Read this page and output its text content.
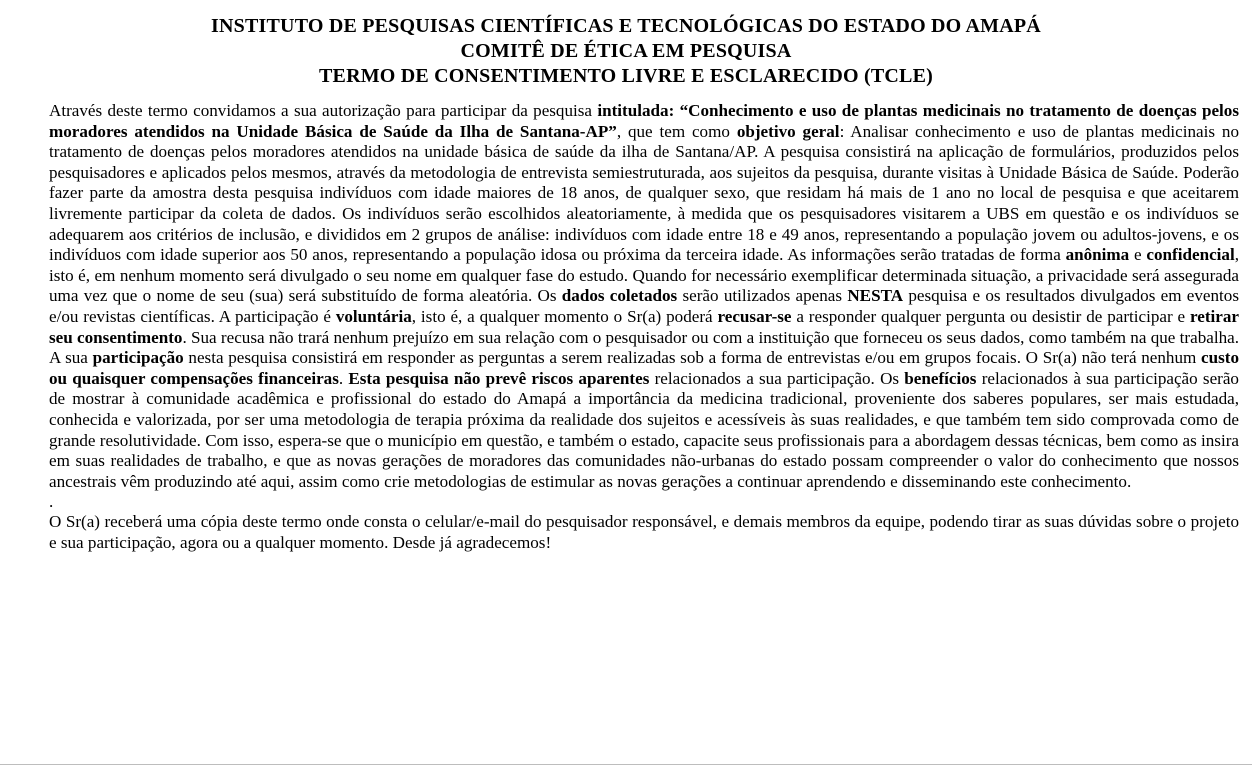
INSTITUTO DE PESQUISAS CIENTÍFICAS E TECNOLÓGICAS DO ESTADO DO AMAPÁ
COMITÊ DE ÉTICA EM PESQUISA
TERMO DE CONSENTIMENTO LIVRE E ESCLARECIDO (TCLE)

Através deste termo convidamos a sua autorização para participar da pesquisa intitulada: “Conhecimento e uso de plantas medicinais no tratamento de doenças pelos moradores atendidos na Unidade Básica de Saúde da Ilha de Santana-AP”, que tem como objetivo geral: Analisar conhecimento e uso de plantas medicinais no tratamento de doenças pelos moradores atendidos na unidade básica de saúde da ilha de Santana/AP. A pesquisa consistirá na aplicação de formulários, produzidos pelos pesquisadores e aplicados pelos mesmos, através da metodologia de entrevista semiestruturada, aos sujeitos da pesquisa, durante visitas à Unidade Básica de Saúde. Poderão fazer parte da amostra desta pesquisa indivíduos com idade maiores de 18 anos, de qualquer sexo, que residam há mais de 1 ano no local de pesquisa e que aceitarem livremente participar da coleta de dados. Os indivíduos serão escolhidos aleatoriamente, à medida que os pesquisadores visitarem a UBS em questão e os indivíduos se adequarem aos critérios de inclusão, e divididos em 2 grupos de análise: indivíduos com idade entre 18 e 49 anos, representando a população jovem ou adultos-jovens, e os indivíduos com idade superior aos 50 anos, representando a população idosa ou próxima da terceira idade. As informações serão tratadas de forma anônima e confidencial, isto é, em nenhum momento será divulgado o seu nome em qualquer fase do estudo. Quando for necessário exemplificar determinada situação, a privacidade será assegurada uma vez que o nome de seu (sua) será substituído de forma aleatória. Os dados coletados serão utilizados apenas NESTA pesquisa e os resultados divulgados em eventos e/ou revistas científicas. A participação é voluntária, isto é, a qualquer momento o Sr(a) poderá recusar-se a responder qualquer pergunta ou desistir de participar e retirar seu consentimento. Sua recusa não trará nenhum prejuízo em sua relação com o pesquisador ou com a instituição que forneceu os seus dados, como também na que trabalha. A sua participação nesta pesquisa consistirá em responder as perguntas a serem realizadas sob a forma de entrevistas e/ou em grupos focais. O Sr(a) não terá nenhum custo ou quaisquer compensações financeiras. Esta pesquisa não prevê riscos aparentes relacionados a sua participação. Os benefícios relacionados à sua participação serão de mostrar à comunidade acadêmica e profissional do estado do Amapá a importância da medicina tradicional, proveniente dos saberes populares, ser mais estudada, conhecida e valorizada, por ser uma metodologia de terapia próxima da realidade dos sujeitos e acessíveis às suas realidades, e que também tem sido comprovada como de grande resolutividade. Com isso, espera-se que o município em questão, e também o estado, capacite seus profissionais para a abordagem dessas técnicas, bem como as insira em suas realidades de trabalho, e que as novas gerações de moradores das comunidades não-urbanas do estado possam compreender o valor do conhecimento que nossos ancestrais vêm produzindo até aqui, assim como crie metodologias de estimular as novas gerações a continuar aprendendo e disseminando este conhecimento.

.

O Sr(a) receberá uma cópia deste termo onde consta o celular/e-mail do pesquisador responsável, e demais membros da equipe, podendo tirar as suas dúvidas sobre o projeto e sua participação, agora ou a qualquer momento. Desde já agradecemos!
